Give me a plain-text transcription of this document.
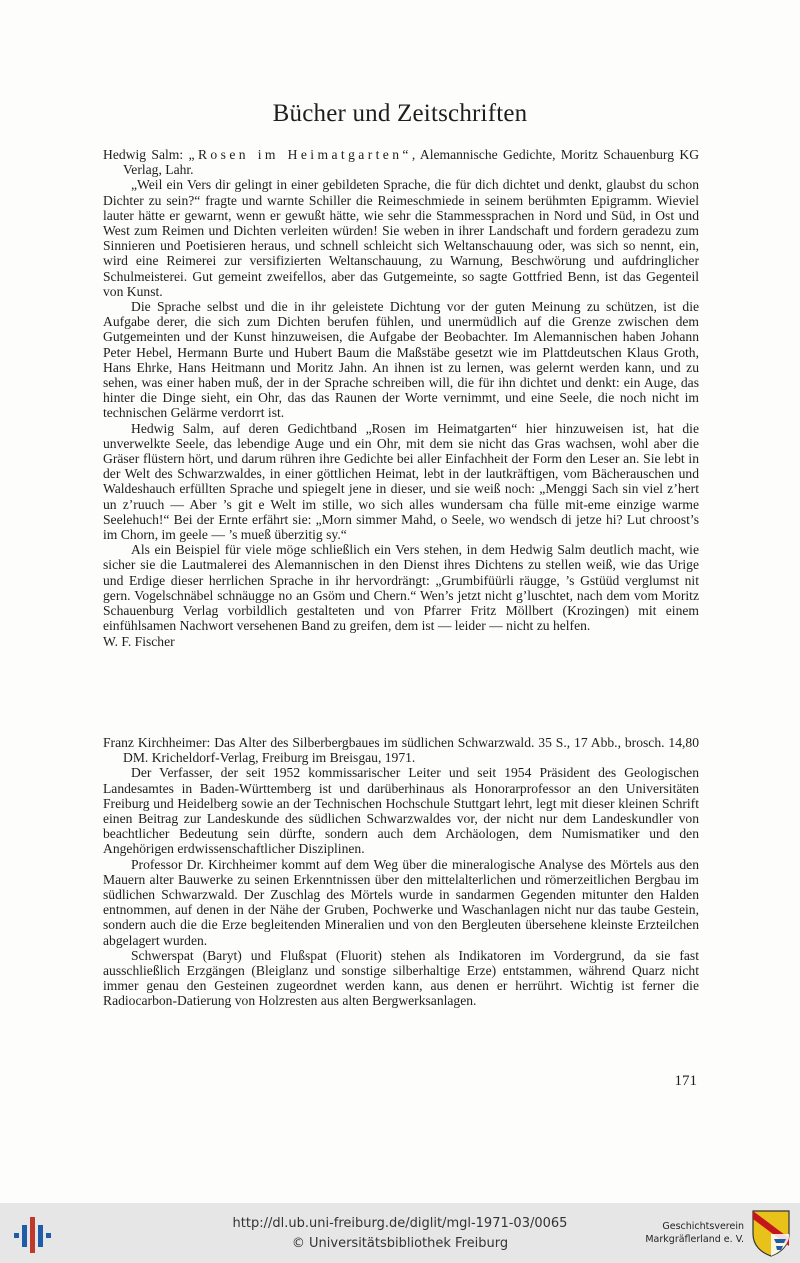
Bücher und Zeitschriften

Hedwig Salm: „Rosen im Heimatgarten“, Alemannische Gedichte, Moritz Schauenburg KG Verlag, Lahr.

„Weil ein Vers dir gelingt in einer gebildeten Sprache, die für dich dichtet und denkt, glaubst du schon Dichter zu sein?“ fragte und warnte Schiller die Reimeschmiede in seinem berühmten Epigramm. Wieviel lauter hätte er gewarnt, wenn er gewußt hätte, wie sehr die Stammessprachen in Nord und Süd, in Ost und West zum Reimen und Dichten verleiten würden! Sie weben in ihrer Landschaft und fordern geradezu zum Sinnieren und Poetisieren heraus, und schnell schleicht sich Weltanschauung oder, was sich so nennt, ein, wird eine Reimerei zur versifizierten Weltanschauung, zu Warnung, Beschwörung und aufdringlicher Schulmeisterei. Gut gemeint zweifellos, aber das Gutgemeinte, so sagte Gottfried Benn, ist das Gegenteil von Kunst.

Die Sprache selbst und die in ihr geleistete Dichtung vor der guten Meinung zu schützen, ist die Aufgabe derer, die sich zum Dichten berufen fühlen, und unermüdlich auf die Grenze zwischen dem Gutgemeinten und der Kunst hinzuweisen, die Aufgabe der Beobachter. Im Alemannischen haben Johann Peter Hebel, Hermann Burte und Hubert Baum die Maßstäbe gesetzt wie im Plattdeutschen Klaus Groth, Hans Ehrke, Hans Heitmann und Moritz Jahn. An ihnen ist zu lernen, was gelernt werden kann, und zu sehen, was einer haben muß, der in der Sprache schreiben will, die für ihn dichtet und denkt: ein Auge, das hinter die Dinge sieht, ein Ohr, das das Raunen der Worte vernimmt, und eine Seele, die noch nicht im technischen Gelärme verdorrt ist.

Hedwig Salm, auf deren Gedichtband „Rosen im Heimatgarten“ hier hinzuweisen ist, hat die unverwelkte Seele, das lebendige Auge und ein Ohr, mit dem sie nicht das Gras wachsen, wohl aber die Gräser flüstern hört, und darum rühren ihre Gedichte bei aller Einfachheit der Form den Leser an. Sie lebt in der Welt des Schwarzwaldes, in einer göttlichen Heimat, lebt in der lautkräftigen, vom Bächerauschen und Waldeshauch erfüllten Sprache und spiegelt jene in dieser, und sie weiß noch: „Menggi Sach sin viel z’hert un z’ruuch — Aber ’s git e Welt im stille, wo sich alles wundersam cha fülle mit-eme einzige warme Seelehuch!“ Bei der Ernte erfährt sie: „Morn simmer Mahd, o Seele, wo wendsch di jetze hi? Lut chroost’s im Chorn, im geele — ’s mueß überzitig sy.“

Als ein Beispiel für viele möge schließlich ein Vers stehen, in dem Hedwig Salm deutlich macht, wie sicher sie die Lautmalerei des Alemannischen in den Dienst ihres Dichtens zu stellen weiß, wie das Urige und Erdige dieser herrlichen Sprache in ihr hervordrängt: „Grumbifüürli räugge, ’s Gstüüd verglumst nit gern. Vogelschnäbel schnäugge no an Gsöm und Chern.“ Wen’s jetzt nicht g’luschtet, nach dem vom Moritz Schauenburg Verlag vorbildlich gestalteten und von Pfarrer Fritz Möllbert (Krozingen) mit einem einfühlsamen Nachwort versehenen Band zu greifen, dem ist — leider — nicht zu helfen.

W. F. Fischer

Franz Kirchheimer: Das Alter des Silberbergbaues im südlichen Schwarzwald. 35 S., 17 Abb., brosch. 14,80 DM. Kricheldorf-Verlag, Freiburg im Breisgau, 1971.

Der Verfasser, der seit 1952 kommissarischer Leiter und seit 1954 Präsident des Geologischen Landesamtes in Baden-Württemberg ist und darüberhinaus als Honorarprofessor an den Universitäten Freiburg und Heidelberg sowie an der Technischen Hochschule Stuttgart lehrt, legt mit dieser kleinen Schrift einen Beitrag zur Landeskunde des südlichen Schwarzwaldes vor, der nicht nur dem Landeskundler von beachtlicher Bedeutung sein dürfte, sondern auch dem Archäologen, dem Numismatiker und den Angehörigen erdwissenschaftlicher Disziplinen.

Professor Dr. Kirchheimer kommt auf dem Weg über die mineralogische Analyse des Mörtels aus den Mauern alter Bauwerke zu seinen Erkenntnissen über den mittelalterlichen und römerzeitlichen Bergbau im südlichen Schwarzwald. Der Zuschlag des Mörtels wurde in sandarmen Gegenden mitunter den Halden entnommen, auf denen in der Nähe der Gruben, Pochwerke und Waschanlagen nicht nur das taube Gestein, sondern auch die die Erze begleitenden Mineralien und von den Bergleuten übersehene kleinste Erzteilchen abgelagert wurden.

Schwerspat (Baryt) und Flußspat (Fluorit) stehen als Indikatoren im Vordergrund, da sie fast ausschließlich Erzgängen (Bleiglanz und sonstige silberhaltige Erze) entstammen, während Quarz nicht immer genau den Gesteinen zugeordnet werden kann, aus denen er herrührt. Wichtig ist ferner die Radiocarbon-Datierung von Holzresten aus alten Bergwerksanlagen.

171
http://dl.ub.uni-freiburg.de/diglit/mgl-1971-03/0065
© Universitätsbibliothek Freiburg
Geschichtsverein
Markgräflerland e. V.
